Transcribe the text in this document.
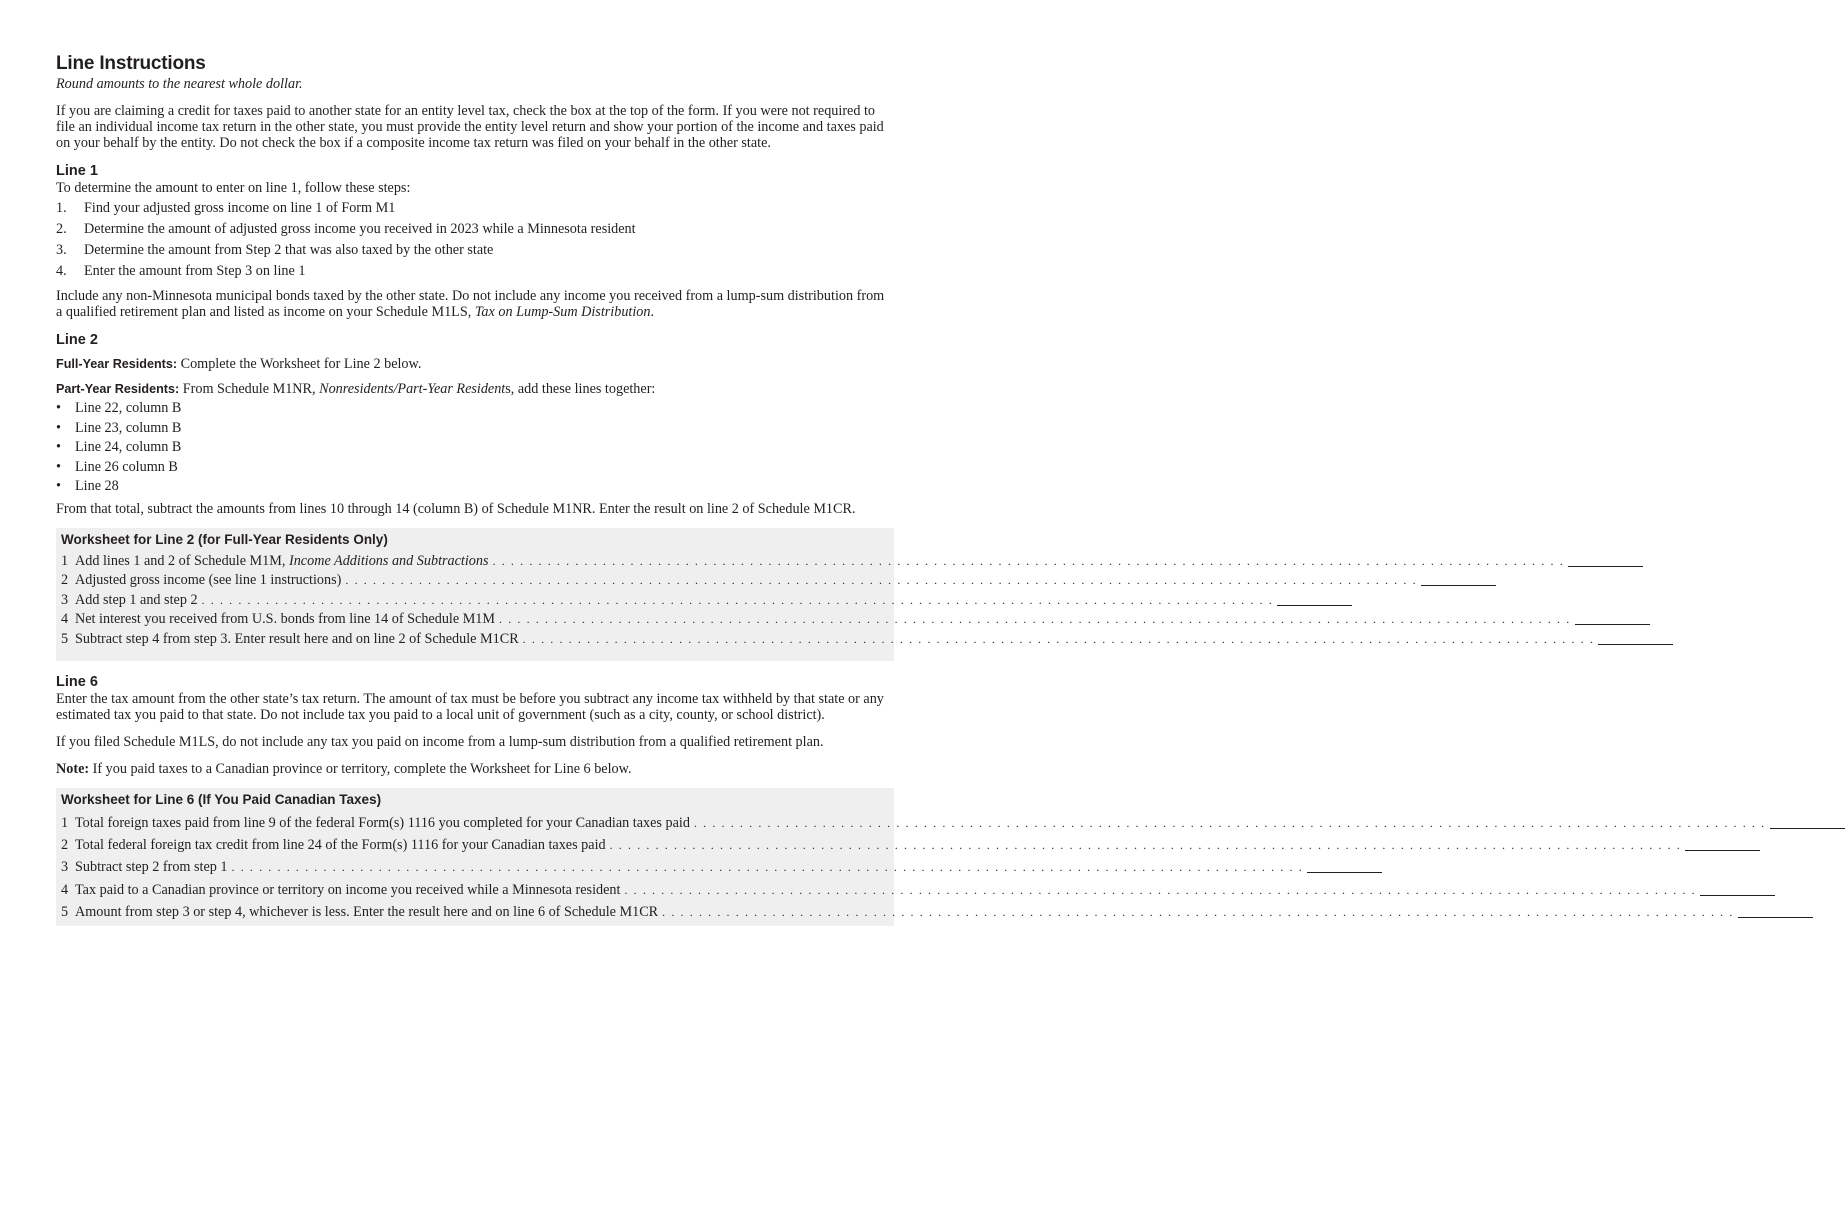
Line Instructions

Round amounts to the nearest whole dollar.

If you are claiming a credit for taxes paid to another state for an entity level tax, check the box at the top of the form. If you were not required to file an individual income tax return in the other state, you must provide the entity level return and show your portion of the income and taxes paid on your behalf by the entity. Do not check the box if a composite income tax return was filed on your behalf in the other state.

Line 1

To determine the amount to enter on line 1, follow these steps:

1.	Find your adjusted gross income on line 1 of Form M1
2.	Determine the amount of adjusted gross income you received in 2023 while a Minnesota resident
3.	Determine the amount from Step 2 that was also taxed by the other state
4.	Enter the amount from Step 3 on line 1

Include any non-Minnesota municipal bonds taxed by the other state. Do not include any income you received from a lump-sum distribution from a qualified retirement plan and listed as income on your Schedule M1LS, Tax on Lump-Sum Distribution.

Line 2

Full-Year Residents: Complete the Worksheet for Line 2 below.

Part-Year Residents: From Schedule M1NR, Nonresidents/Part-Year Residents, add these lines together:

• Line 22, column B
• Line 23, column B
• Line 24, column B
• Line 26 column B
• Line 28

From that total, subtract the amounts from lines 10 through 14 (column B) of Schedule M1NR. Enter the result on line 2 of Schedule M1CR.

Worksheet for Line 2 (for Full-Year Residents Only)
1 Add lines 1 and 2 of Schedule M1M, Income Additions and Subtractions . . . . . . . . . . . . . . . . . . . . . . . . . . . . . . . . . . . . . . . . . . . . . . . . . . . . . . . . . . . . . . . . . . . . . . . . . . . . . . . . . . . . . . . . . . . . . . . . . . . . . . . . . . . . . . . . . . . . .
2 Adjusted gross income (see line 1 instructions) . . . . . . . . . . . . . . . . . . . . . . . . . . . . . . . . . . . . . . . . . . . . . . . . . . . . . . . . . . . . . . . . . . . . . . . . . . . . . . . . . . . . . . . . . . . . . . . . . . . . . . . . . . . . . . . . . . . . .
3 Add step 1 and step 2 . . . . . . . . . . . . . . . . . . . . . . . . . . . . . . . . . . . . . . . . . . . . . . . . . . . . . . . . . . . . . . . . . . . . . . . . . . . . . . . . . . . . . . . . . . . . . . . . . . . . . . . . . . . . . . . . . . . . .
4 Net interest you received from U.S. bonds from line 14 of Schedule M1M . . . . . . . . . . . . . . . . . . . . . . . . . . . . . . . . . . . . . . . . . . . . . . . . . . . . . . . . . . . . . . . . . . . . . . . . . . . . . . . . . . . . . . . . . . . . . . . . . . . . . . . . . . . . . . . . . . . . .
5 Subtract step 4 from step 3. Enter result here and on line 2 of Schedule M1CR . . . . . . . . . . . . . . . . . . . . . . . . . . . . . . . . . . . . . . . . . . . . . . . . . . . . . . . . . . . . . . . . . . . . . . . . . . . . . . . . . . . . . . . . . . . . . . . . . . . . . . . . . . . . . . . . . . . . .
Line 6

Enter the tax amount from the other state’s tax return. The amount of tax must be before you subtract any income tax withheld by that state or any estimated tax you paid to that state. Do not include tax you paid to a local unit of government (such as a city, county, or school district).

If you filed Schedule M1LS, do not include any tax you paid on income from a lump-sum distribution from a qualified retirement plan.

Note: If you paid taxes to a Canadian province or territory, complete the Worksheet for Line 6 below.

Worksheet for Line 6 (If You Paid Canadian Taxes)
1 Total foreign taxes paid from line 9 of the federal Form(s) 1116 you completed for your Canadian taxes paid . . . . . . . . . . . . . . . . . . . . . . . . . . . . . . . . . . . . . . . . . . . . . . . . . . . . . . . . . . . . . . . . . . . . . . . . . . . . . . . . . . . . . . . . . . . . . . . . . . . . . . . . . . . . . . . . . . . . .
2 Total federal foreign tax credit from line 24 of the Form(s) 1116 for your Canadian taxes paid . . . . . . . . . . . . . . . . . . . . . . . . . . . . . . . . . . . . . . . . . . . . . . . . . . . . . . . . . . . . . . . . . . . . . . . . . . . . . . . . . . . . . . . . . . . . . . . . . . . . . . . . . . . . . . . . . . . . .
3 Subtract step 2 from step 1 . . . . . . . . . . . . . . . . . . . . . . . . . . . . . . . . . . . . . . . . . . . . . . . . . . . . . . . . . . . . . . . . . . . . . . . . . . . . . . . . . . . . . . . . . . . . . . . . . . . . . . . . . . . . . . . . . . . . .
4 Tax paid to a Canadian province or territory on income you received while a Minnesota resident . . . . . . . . . . . . . . . . . . . . . . . . . . . . . . . . . . . . . . . . . . . . . . . . . . . . . . . . . . . . . . . . . . . . . . . . . . . . . . . . . . . . . . . . . . . . . . . . . . . . . . . . . . . . . . . . . . . . .
5 Amount from step 3 or step 4, whichever is less. Enter the result here and on line 6 of Schedule M1CR . . . . . . . . . . . . . . . . . . . . . . . . . . . . . . . . . . . . . . . . . . . . . . . . . . . . . . . . . . . . . . . . . . . . . . . . . . . . . . . . . . . . . . . . . . . . . . . . . . . . . . . . . . . . . . . . . . . . .
